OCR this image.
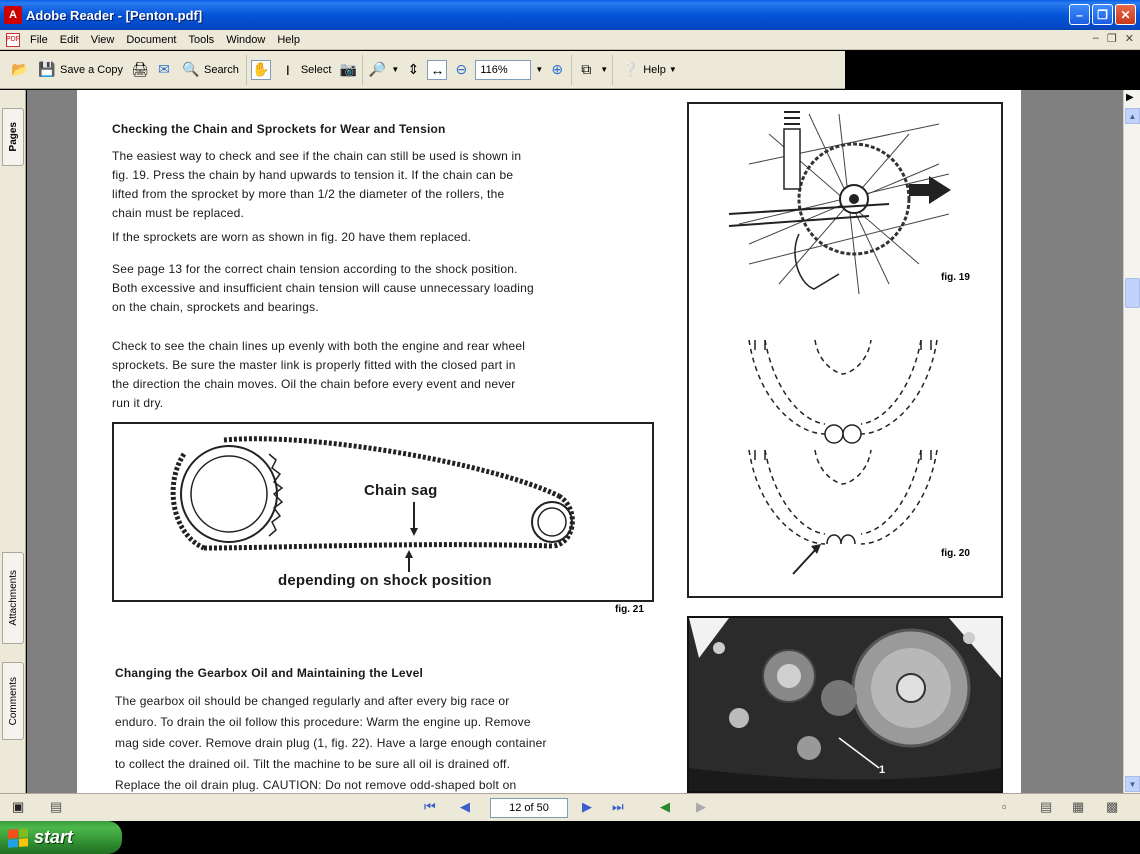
A Adobe Reader - [Penton.pdf]	–	❐	✕
PDF File	Edit	View	Document	Tools	Window	Help	– ❐ ✕
📂 💾 Save a Copy 🖨 ✉ 🔍 Search ✋	I	Select 📷 🔎 ▼ ⇕ ↔ ⊖	116%	▼ ⊕	⧉	▼ ❔ Help ▼
Pages
Attachments
Comments
Checking the Chain and Sprockets for Wear and Tension
The easiest way to check and see if the chain can still be used is shown in
fig. 19. Press the chain by hand upwards to tension it. If the chain can be
lifted from the sprocket by more than 1/2 the diameter of the rollers, the
chain must be replaced.
If the sprockets are worn as shown in fig. 20 have them replaced.
See page 13 for the correct chain tension according to the shock position.
Both excessive and insufficient chain tension will cause unnecessary loading
on the chain, sprockets and bearings.
Check to see the chain lines up evenly with both the engine and rear wheel
sprockets. Be sure the master link is properly fitted with the closed part in
the direction the chain moves. Oil the chain before every event and never
run it dry.
Chain sag
depending on shock position
fig. 21
Changing the Gearbox Oil and Maintaining the Level
The gearbox oil should be changed regularly and after every big race or
enduro. To drain the oil follow this procedure: Warm the engine up. Remove
mag side cover. Remove drain plug (1, fig. 22). Have a large enough container
to collect the drained oil. Tilt the machine to be sure all oil is drained off.
Replace the oil drain plug. CAUTION: Do not remove odd-shaped bolt on
fig. 19
fig. 20
1
▲
▼
▶
▣ ▤	⏮ ◀	12 of 50	▶ ⏭	◀ ▶	▫	▤ ▦ ▩
start
